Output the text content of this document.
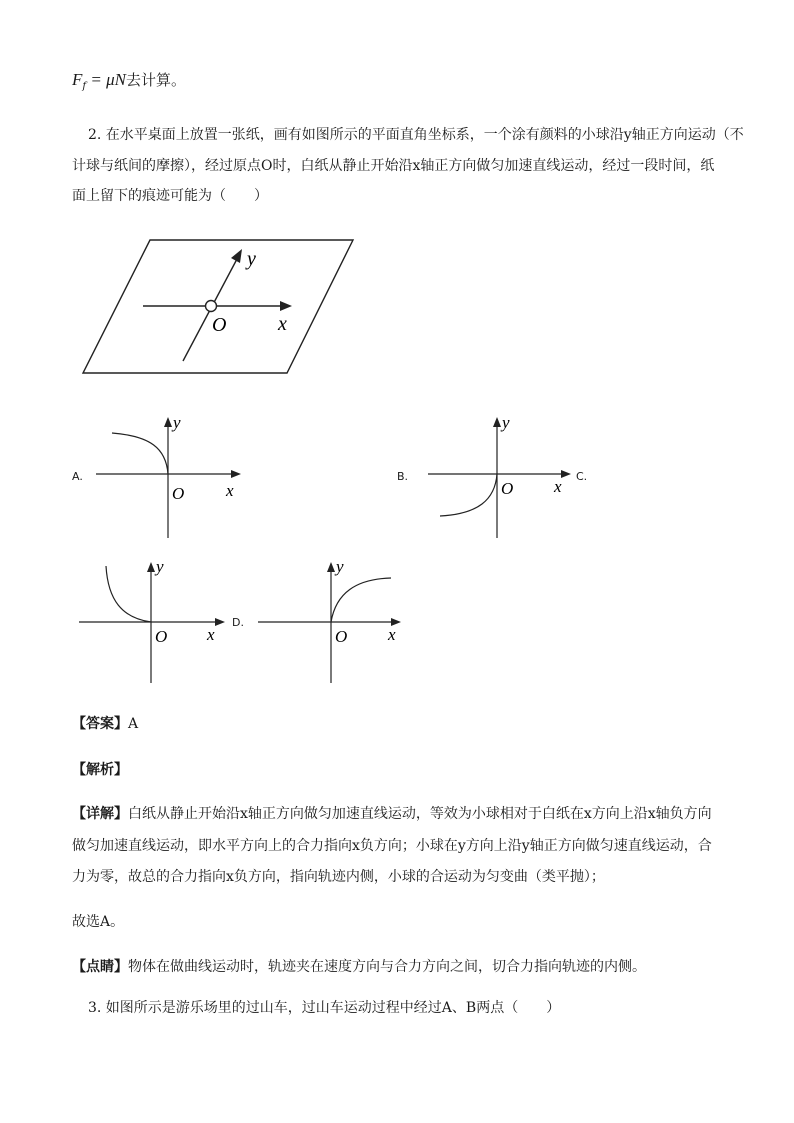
$F_f = \mu N$去计算。
2. 在水平桌面上放置一张纸，画有如图所示的平面直角坐标系，一个涂有颜料的小球沿y轴正方向运动（不
计球与纸间的摩擦），经过原点O时，白纸从静止开始沿x轴正方向做匀加速直线运动，经过一段时间，纸
面上留下的痕迹可能为（　　）
y
O	x
y
O x
y
O x
y
O x
y
O x
A.	B.	C.
D.
【答案】A
【解析】
【详解】白纸从静止开始沿x轴正方向做匀加速直线运动，等效为小球相对于白纸在x方向上沿x轴负方向
做匀加速直线运动，即水平方向上的合力指向x负方向；小球在y方向上沿y轴正方向做匀速直线运动，合
力为零，故总的合力指向x负方向，指向轨迹内侧，小球的合运动为匀变曲（类平抛）；
故选A。
【点睛】物体在做曲线运动时，轨迹夹在速度方向与合力方向之间，切合力指向轨迹的内侧。
3. 如图所示是游乐场里的过山车，过山车运动过程中经过A、B两点（　　）
